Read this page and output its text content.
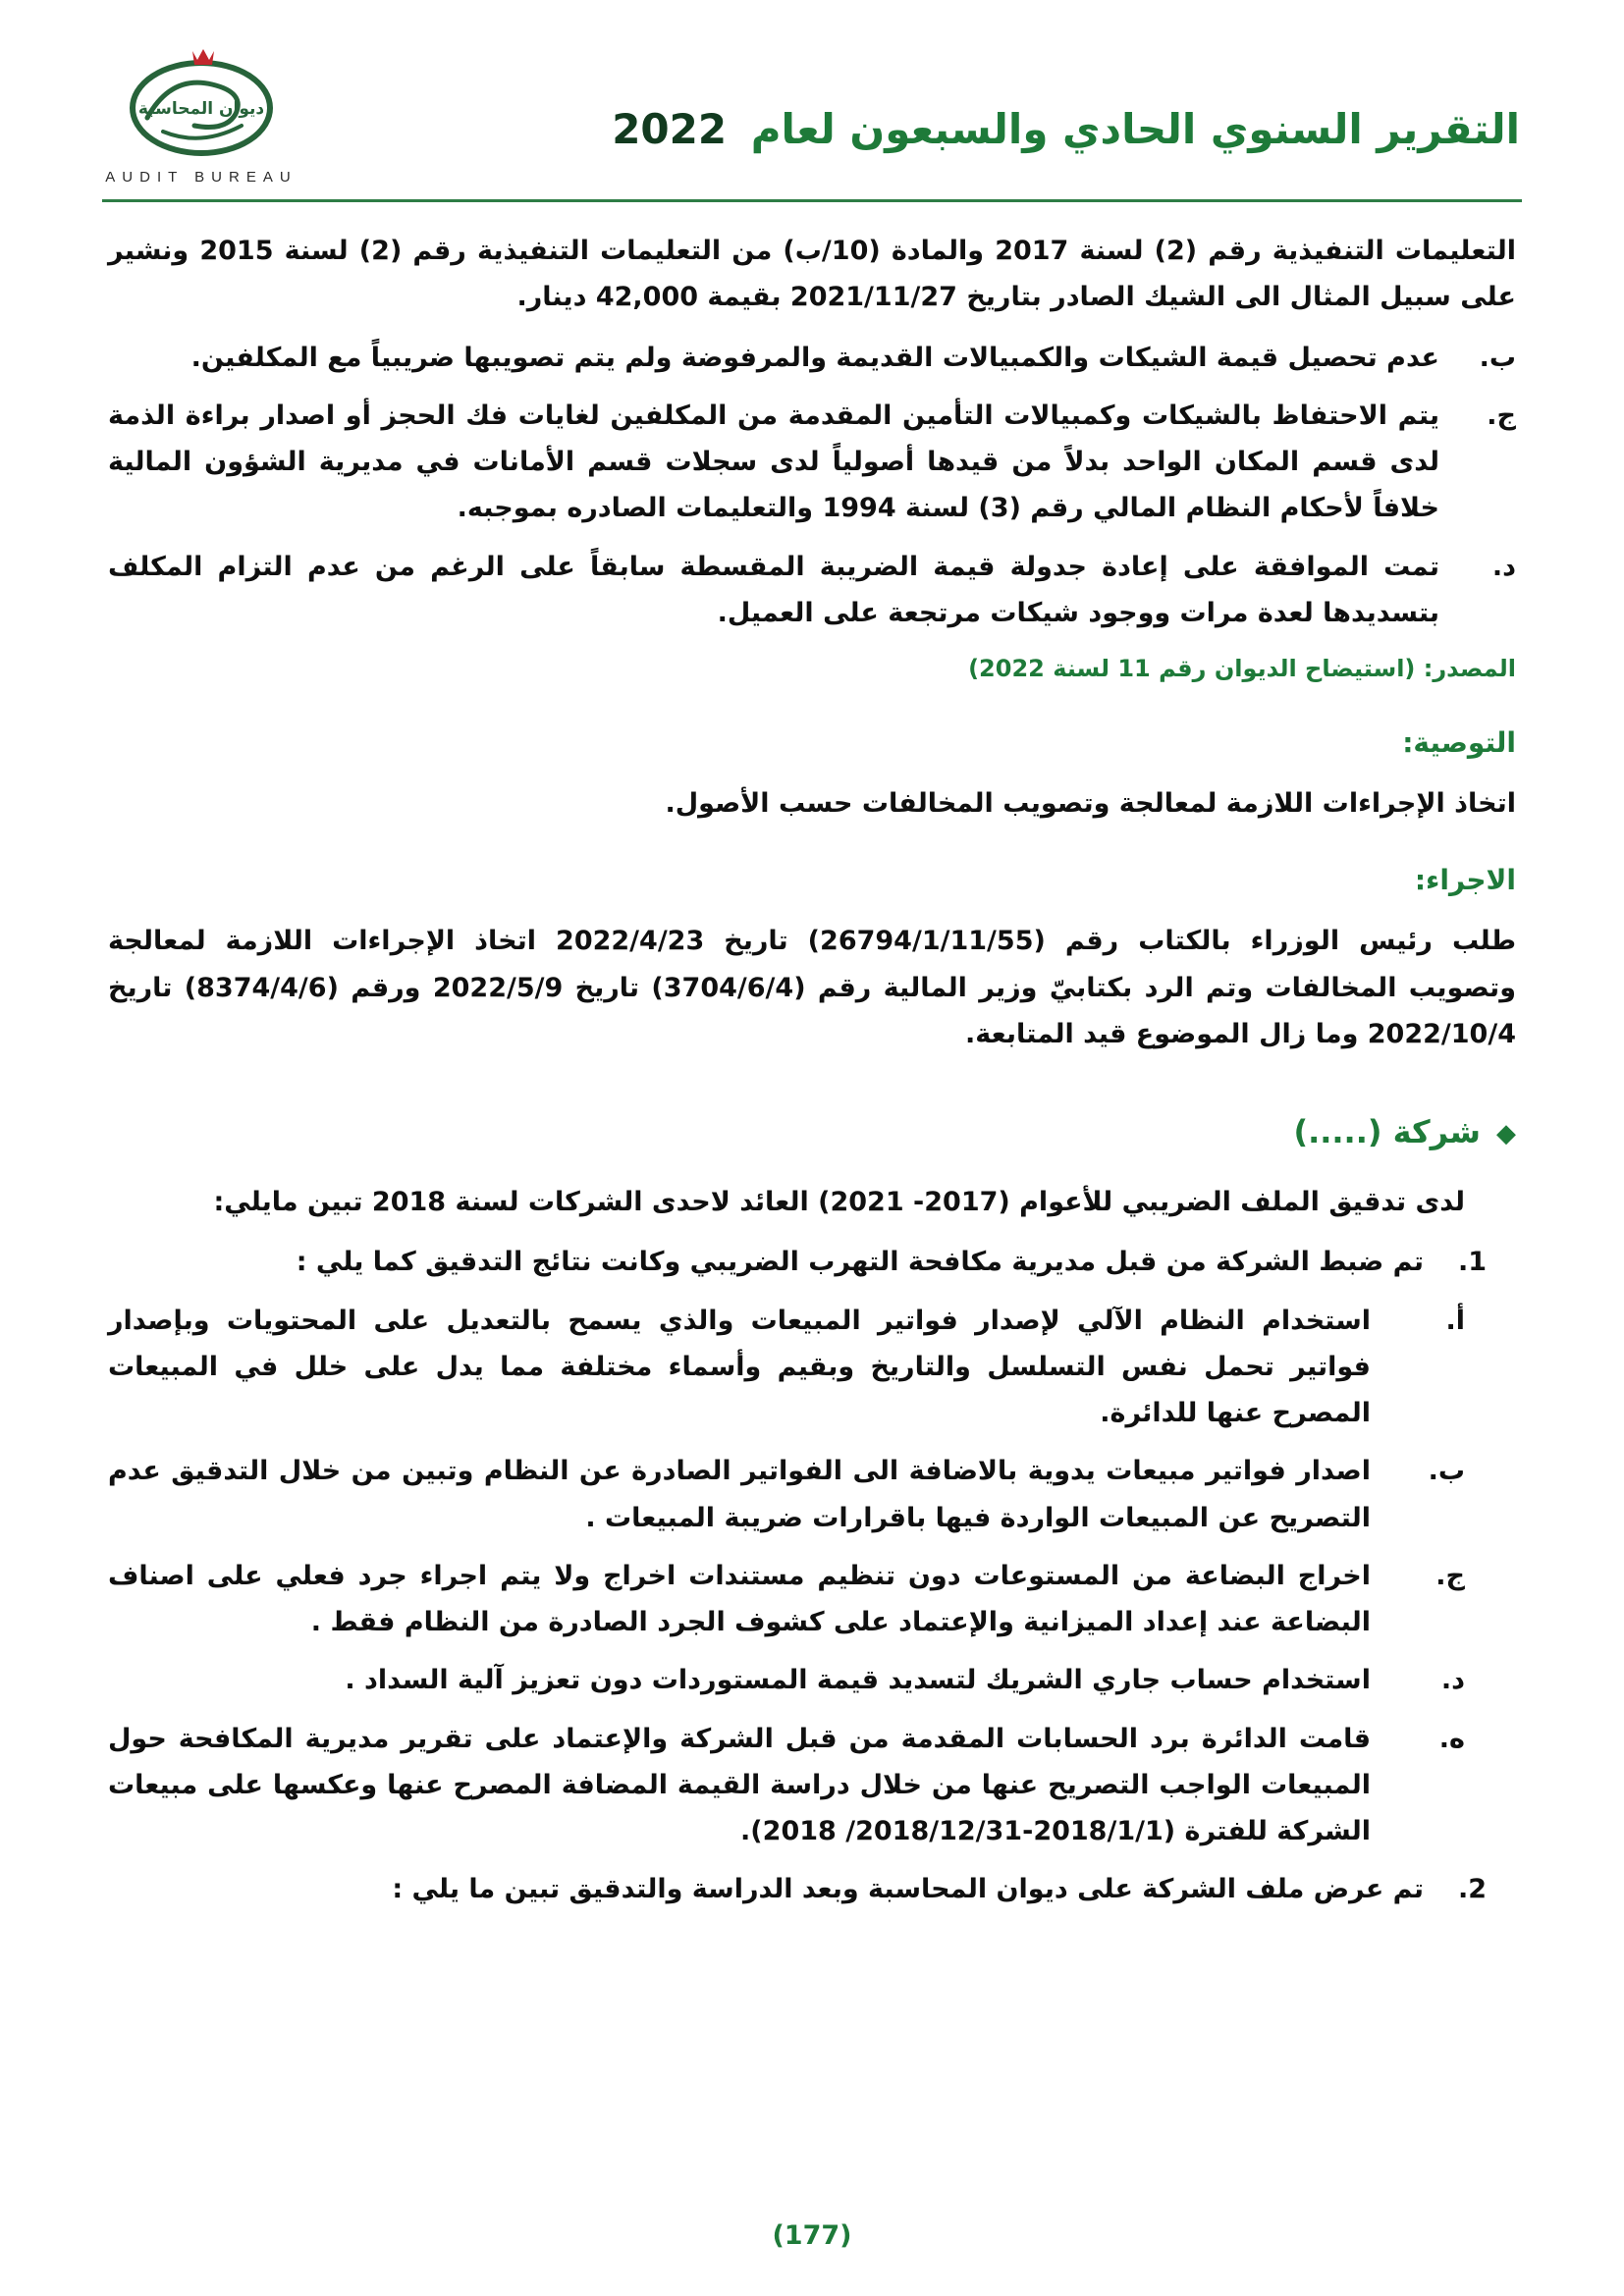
ديوان المحاسبة
AUDIT BUREAU
التقرير السنوي الحادي والسبعون لعام 2022

التعليمات التنفيذية رقم (2) لسنة 2017 والمادة (10/ب) من التعليمات التنفيذية رقم (2) لسنة 2015 ونشير على سبيل المثال الى الشيك الصادر بتاريخ 2021/11/27 بقيمة 42,000 دينار.

ب.
عدم تحصيل قيمة الشيكات والكمبيالات القديمة والمرفوضة ولم يتم تصويبها ضريبياً مع المكلفين.
ج.
يتم الاحتفاظ بالشيكات وكمبيالات التأمين المقدمة من المكلفين لغايات فك الحجز أو اصدار براءة الذمة لدى قسم المكان الواحد بدلاً من قيدها أصولياً لدى سجلات قسم الأمانات في مديرية الشؤون المالية خلافاً لأحكام النظام المالي رقم (3) لسنة 1994 والتعليمات الصادره بموجبه.
د.
تمت الموافقة على إعادة جدولة قيمة الضريبة المقسطة سابقاً على الرغم من عدم التزام المكلف بتسديدها لعدة مرات ووجود شيكات مرتجعة على العميل.

المصدر: (استيضاح الديوان رقم 11 لسنة 2022)

التوصية:

اتخاذ الإجراءات اللازمة لمعالجة وتصويب المخالفات حسب الأصول.

الاجراء:

طلب رئيس الوزراء بالكتاب رقم (26794/1/11/55) تاريخ 2022/4/23 اتخاذ الإجراءات اللازمة لمعالجة وتصويب المخالفات وتم الرد بكتابيّ وزير المالية رقم (3704/6/4) تاريخ 2022/5/9 ورقم (8374/4/6) تاريخ 2022/10/4 وما زال الموضوع قيد المتابعة.

◆
شركة (.....)

لدى تدقيق الملف الضريبي للأعوام (2017- 2021) العائد لاحدى الشركات لسنة 2018 تبين مايلي:

1.
تم ضبط الشركة من قبل مديرية مكافحة التهرب الضريبي وكانت نتائج التدقيق كما يلي :
أ.
استخدام النظام الآلي لإصدار فواتير المبيعات والذي يسمح بالتعديل على المحتويات وبإصدار فواتير تحمل نفس التسلسل والتاريخ وبقيم وأسماء مختلفة مما يدل على خلل في المبيعات المصرح عنها للدائرة.
ب.
اصدار فواتير مبيعات يدوية بالاضافة الى الفواتير الصادرة عن النظام وتبين من خلال التدقيق عدم التصريح عن المبيعات الواردة فيها باقرارات ضريبة المبيعات .
ج.
اخراج البضاعة من المستوعات دون تنظيم مستندات اخراج ولا يتم اجراء جرد فعلي على اصناف البضاعة عند إعداد الميزانية والإعتماد على كشوف الجرد الصادرة من النظام فقط .
د.
استخدام حساب جاري الشريك لتسديد قيمة المستوردات دون تعزيز آلية السداد .
ه.
قامت الدائرة برد الحسابات المقدمة من قبل الشركة والإعتماد على تقرير مديرية المكافحة حول المبيعات الواجب التصريح عنها من خلال دراسة القيمة المضافة المصرح عنها وعكسها على مبيعات الشركة للفترة (2018/1/1-2018/12/31/ 2018).
2.
تم عرض ملف الشركة على ديوان المحاسبة وبعد الدراسة والتدقيق تبين ما يلي :
(177)
